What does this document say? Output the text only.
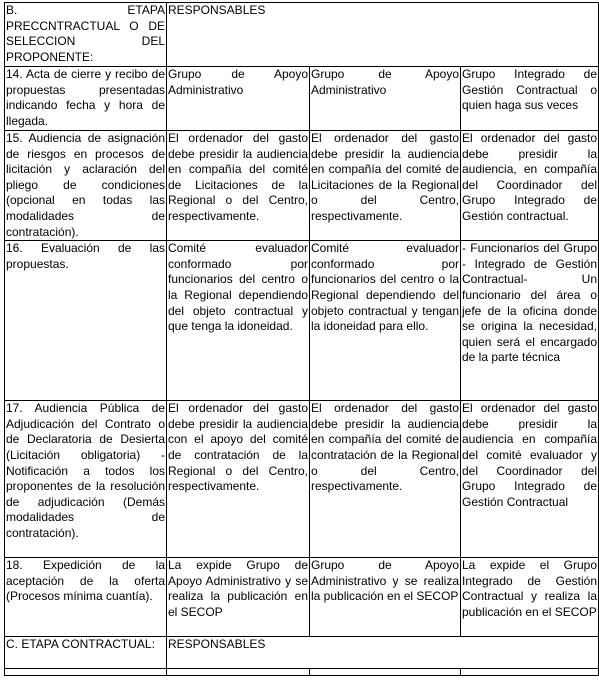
B. ETAPA PRECCNTRACTUAL O DE SELECCION DEL PROPONENTE:	RESPONSABLES		
14. Acta de cierre y recibo de propuestas presentadas indicando fecha y hora de llegada.	Grupo de Apoyo Administrativo	Grupo de Apoyo Administrativo	Grupo Integrado de Gestión Contractual o quien haga sus veces
15. Audiencia de asignación de riesgos en procesos de licitación y aclaración del pliego de condiciones (opcional en todas las modalidades de contratación).	El ordenador del gasto debe presidir la audiencia en compañía del comité de Licitaciones de la Regional o del Centro, respectivamente.	El ordenador del gasto debe presidir la audiencia en compañía del comité de Licitaciones de la Regional o del Centro, respectivamente.	El ordenador del gasto debe presidir la audiencia, en compañía del Coordinador del Grupo Integrado de Gestión contractual.
16. Evaluación de las propuestas.	Comité evaluador conformado por funcionarios del centro o la Regional dependiendo del objeto contractual y que tenga la idoneidad.	Comité evaluador conformado por funcionarios del centro o la Regional dependiendo del objeto contractual y tengan la idoneidad para ello.	- Funcionarios del Grupo - Integrado de Gestión Contractual- Un funcionario del área o jefe de la oficina donde se origina la necesidad, quien será el encargado de la parte técnica
17. Audiencia Pública de Adjudicación del Contrato o de Declaratoria de Desierta (Licitación obligatoria) - Notificación a todos los proponentes de la resolución de adjudicación (Demás modalidades de contratación).	El ordenador del gasto debe presidir la audiencia con el apoyo del comité de contratación de la Regional o del Centro, respectivamente.	El ordenador del gasto debe presidir la audiencia en compañía del comité de contratación de la Regional o del Centro, respectivamente.	El ordenador del gasto debe presidir la audiencia en compañía del comité evaluador y del Coordinador del Grupo Integrado de Gestión Contractual
18. Expedición de la aceptación de la oferta (Procesos mínima cuantía).	La expide Grupo de Apoyo Administrativo y se realiza la publicación en el SECOP	Grupo de Apoyo Administrativo y se realiza la publicación en el SECOP	La expide el Grupo Integrado de Gestión Contractual y realiza la publicación en el SECOP
C. ETAPA CONTRACTUAL:	RESPONSABLES		
